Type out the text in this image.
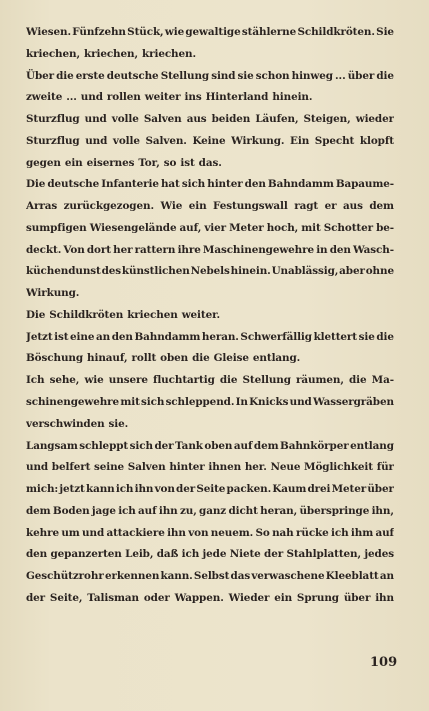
Wiesen. Fünfzehn Stück, wie gewaltige stählerne Schildkröten. Sie
kriechen, kriechen, kriechen.
Über die erste deutsche Stellung sind sie schon hinweg ... über die
zweite ... und rollen weiter ins Hinterland hinein.
Sturzflug und volle Salven aus beiden Läufen, Steigen, wieder
Sturzflug und volle Salven. Keine Wirkung. Ein Specht klopft
gegen ein eisernes Tor, so ist das.
Die deutsche Infanterie hat sich hinter den Bahndamm Bapaume-
Arras zurückgezogen. Wie ein Festungswall ragt er aus dem
sumpfigen Wiesengelände auf, vier Meter hoch, mit Schotter be-
deckt. Von dort her rattern ihre Maschinengewehre in den Wasch-
küchendunst des künstlichen Nebels hinein. Unablässig, aber ohne
Wirkung.
Die Schildkröten kriechen weiter.
Jetzt ist eine an den Bahndamm heran. Schwerfällig klettert sie die
Böschung hinauf, rollt oben die Gleise entlang.
Ich sehe, wie unsere fluchtartig die Stellung räumen, die Ma-
schinengewehre mit sich schleppend. In Knicks und Wassergräben
verschwinden sie.
Langsam schleppt sich der Tank oben auf dem Bahnkörper entlang
und belfert seine Salven hinter ihnen her. Neue Möglichkeit für
mich: jetzt kann ich ihn von der Seite packen. Kaum drei Meter über
dem Boden jage ich auf ihn zu, ganz dicht heran, überspringe ihn,
kehre um und attackiere ihn von neuem. So nah rücke ich ihm auf
den gepanzerten Leib, daß ich jede Niete der Stahlplatten, jedes
Geschützrohr erkennen kann. Selbst das verwaschene Kleeblatt an
der Seite, Talisman oder Wappen. Wieder ein Sprung über ihn
109
